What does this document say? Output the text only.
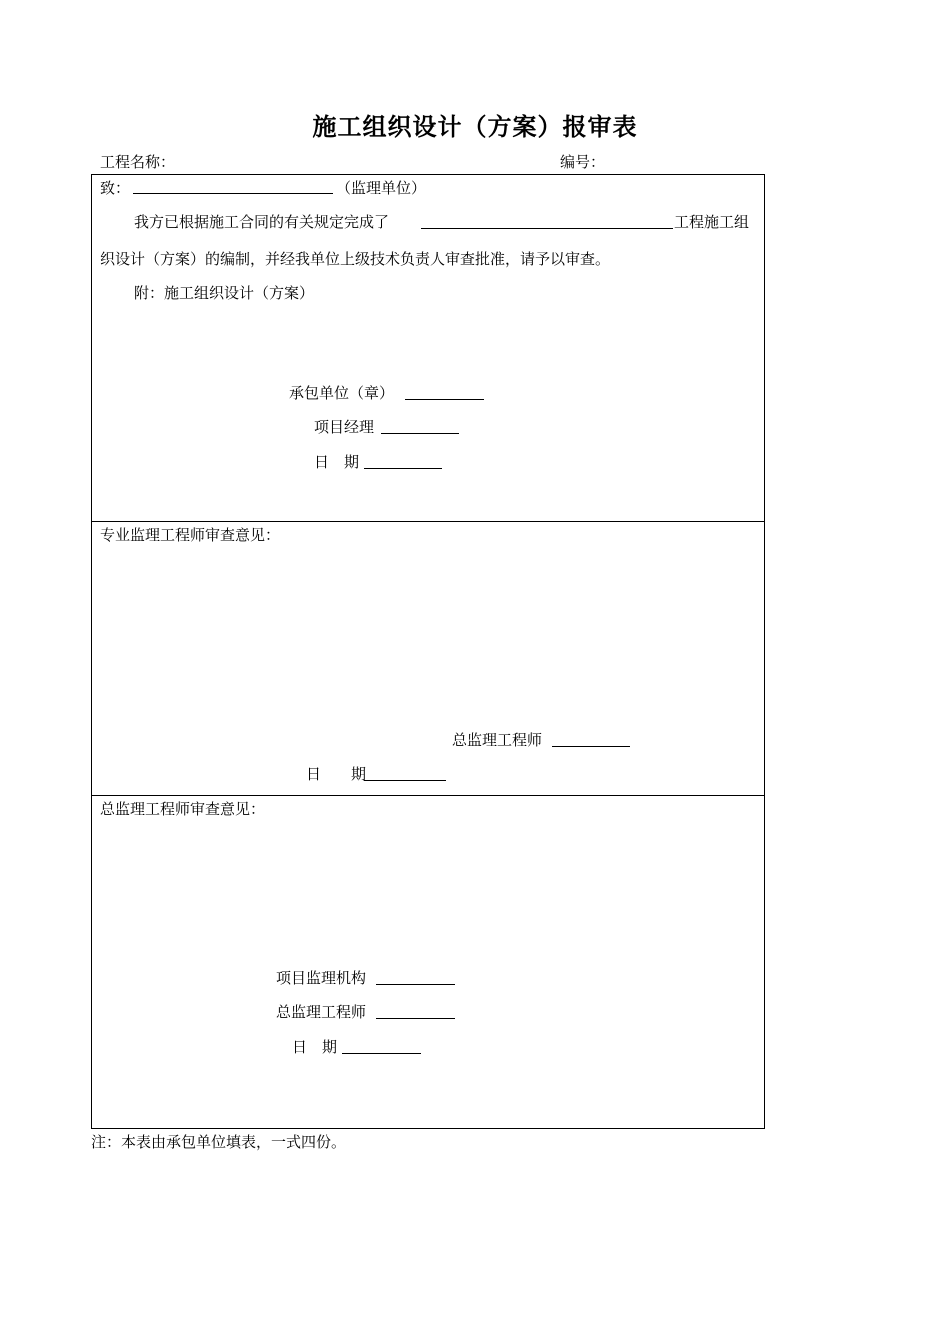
施工组织设计（方案）报审表
工程名称：	编号：
致：	（监理单位）
我方已根据施工合同的有关规定完成了	工程施工组
织设计（方案）的编制，并经我单位上级技术负责人审查批准，请予以审查。
附：施工组织设计（方案）
承包单位（章）
项目经理
日　期
专业监理工程师审查意见：
总监理工程师
日　　期
总监理工程师审查意见：
项目监理机构
总监理工程师
日　期
注：本表由承包单位填表，一式四份。
